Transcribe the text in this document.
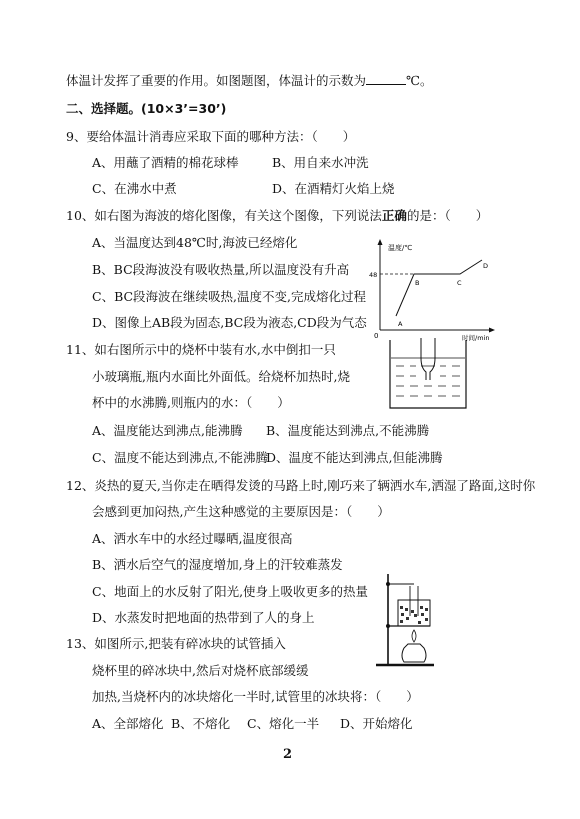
体温计发挥了重要的作用。如图题图，体温计的示数为	℃。
二、选择题。(10×3’=30’)
9、要给体温计消毒应采取下面的哪种方法：（　　）
A、用蘸了酒精的棉花球棒	B、用自来水冲洗
C、在沸水中煮	D、在酒精灯火焰上烧
10、如右图为海波的熔化图像，有关这个图像，下列说法正确的是：（　　）
A、当温度达到48℃时,海波已经熔化
B、BC段海波没有吸收热量,所以温度没有升高
C、BC段海波在继续吸热,温度不变,完成熔化过程
D、图像上AB段为固态,BC段为液态,CD段为气态
温度/℃
时间/min
0
48
A
B	C
D
11、如右图所示中的烧杯中装有水,水中倒扣一只
小玻璃瓶,瓶内水面比外面低。给烧杯加热时,烧
杯中的水沸腾,则瓶内的水：（　　）
A、温度能达到沸点,能沸腾 B、温度能达到沸点,不能沸腾
C、温度不能达到沸点,不能沸腾
D、温度不能达到沸点,但能沸腾
12、炎热的夏天,当你走在晒得发烫的马路上时,刚巧来了辆洒水车,洒湿了路面,这时你
会感到更加闷热,产生这种感觉的主要原因是：（　　）
A、洒水车中的水经过曝晒,温度很高
B、洒水后空气的湿度增加,身上的汗较难蒸发
C、地面上的水反射了阳光,使身上吸收更多的热量
D、水蒸发时把地面的热带到了人的身上
13、如图所示,把装有碎冰块的试管插入
烧杯里的碎冰块中,然后对烧杯底部缓缓
加热,当烧杯内的冰块熔化一半时,试管里的冰块将：（　　）
A、全部熔化 B、不熔化 C、熔化一半 D、开始熔化
2
